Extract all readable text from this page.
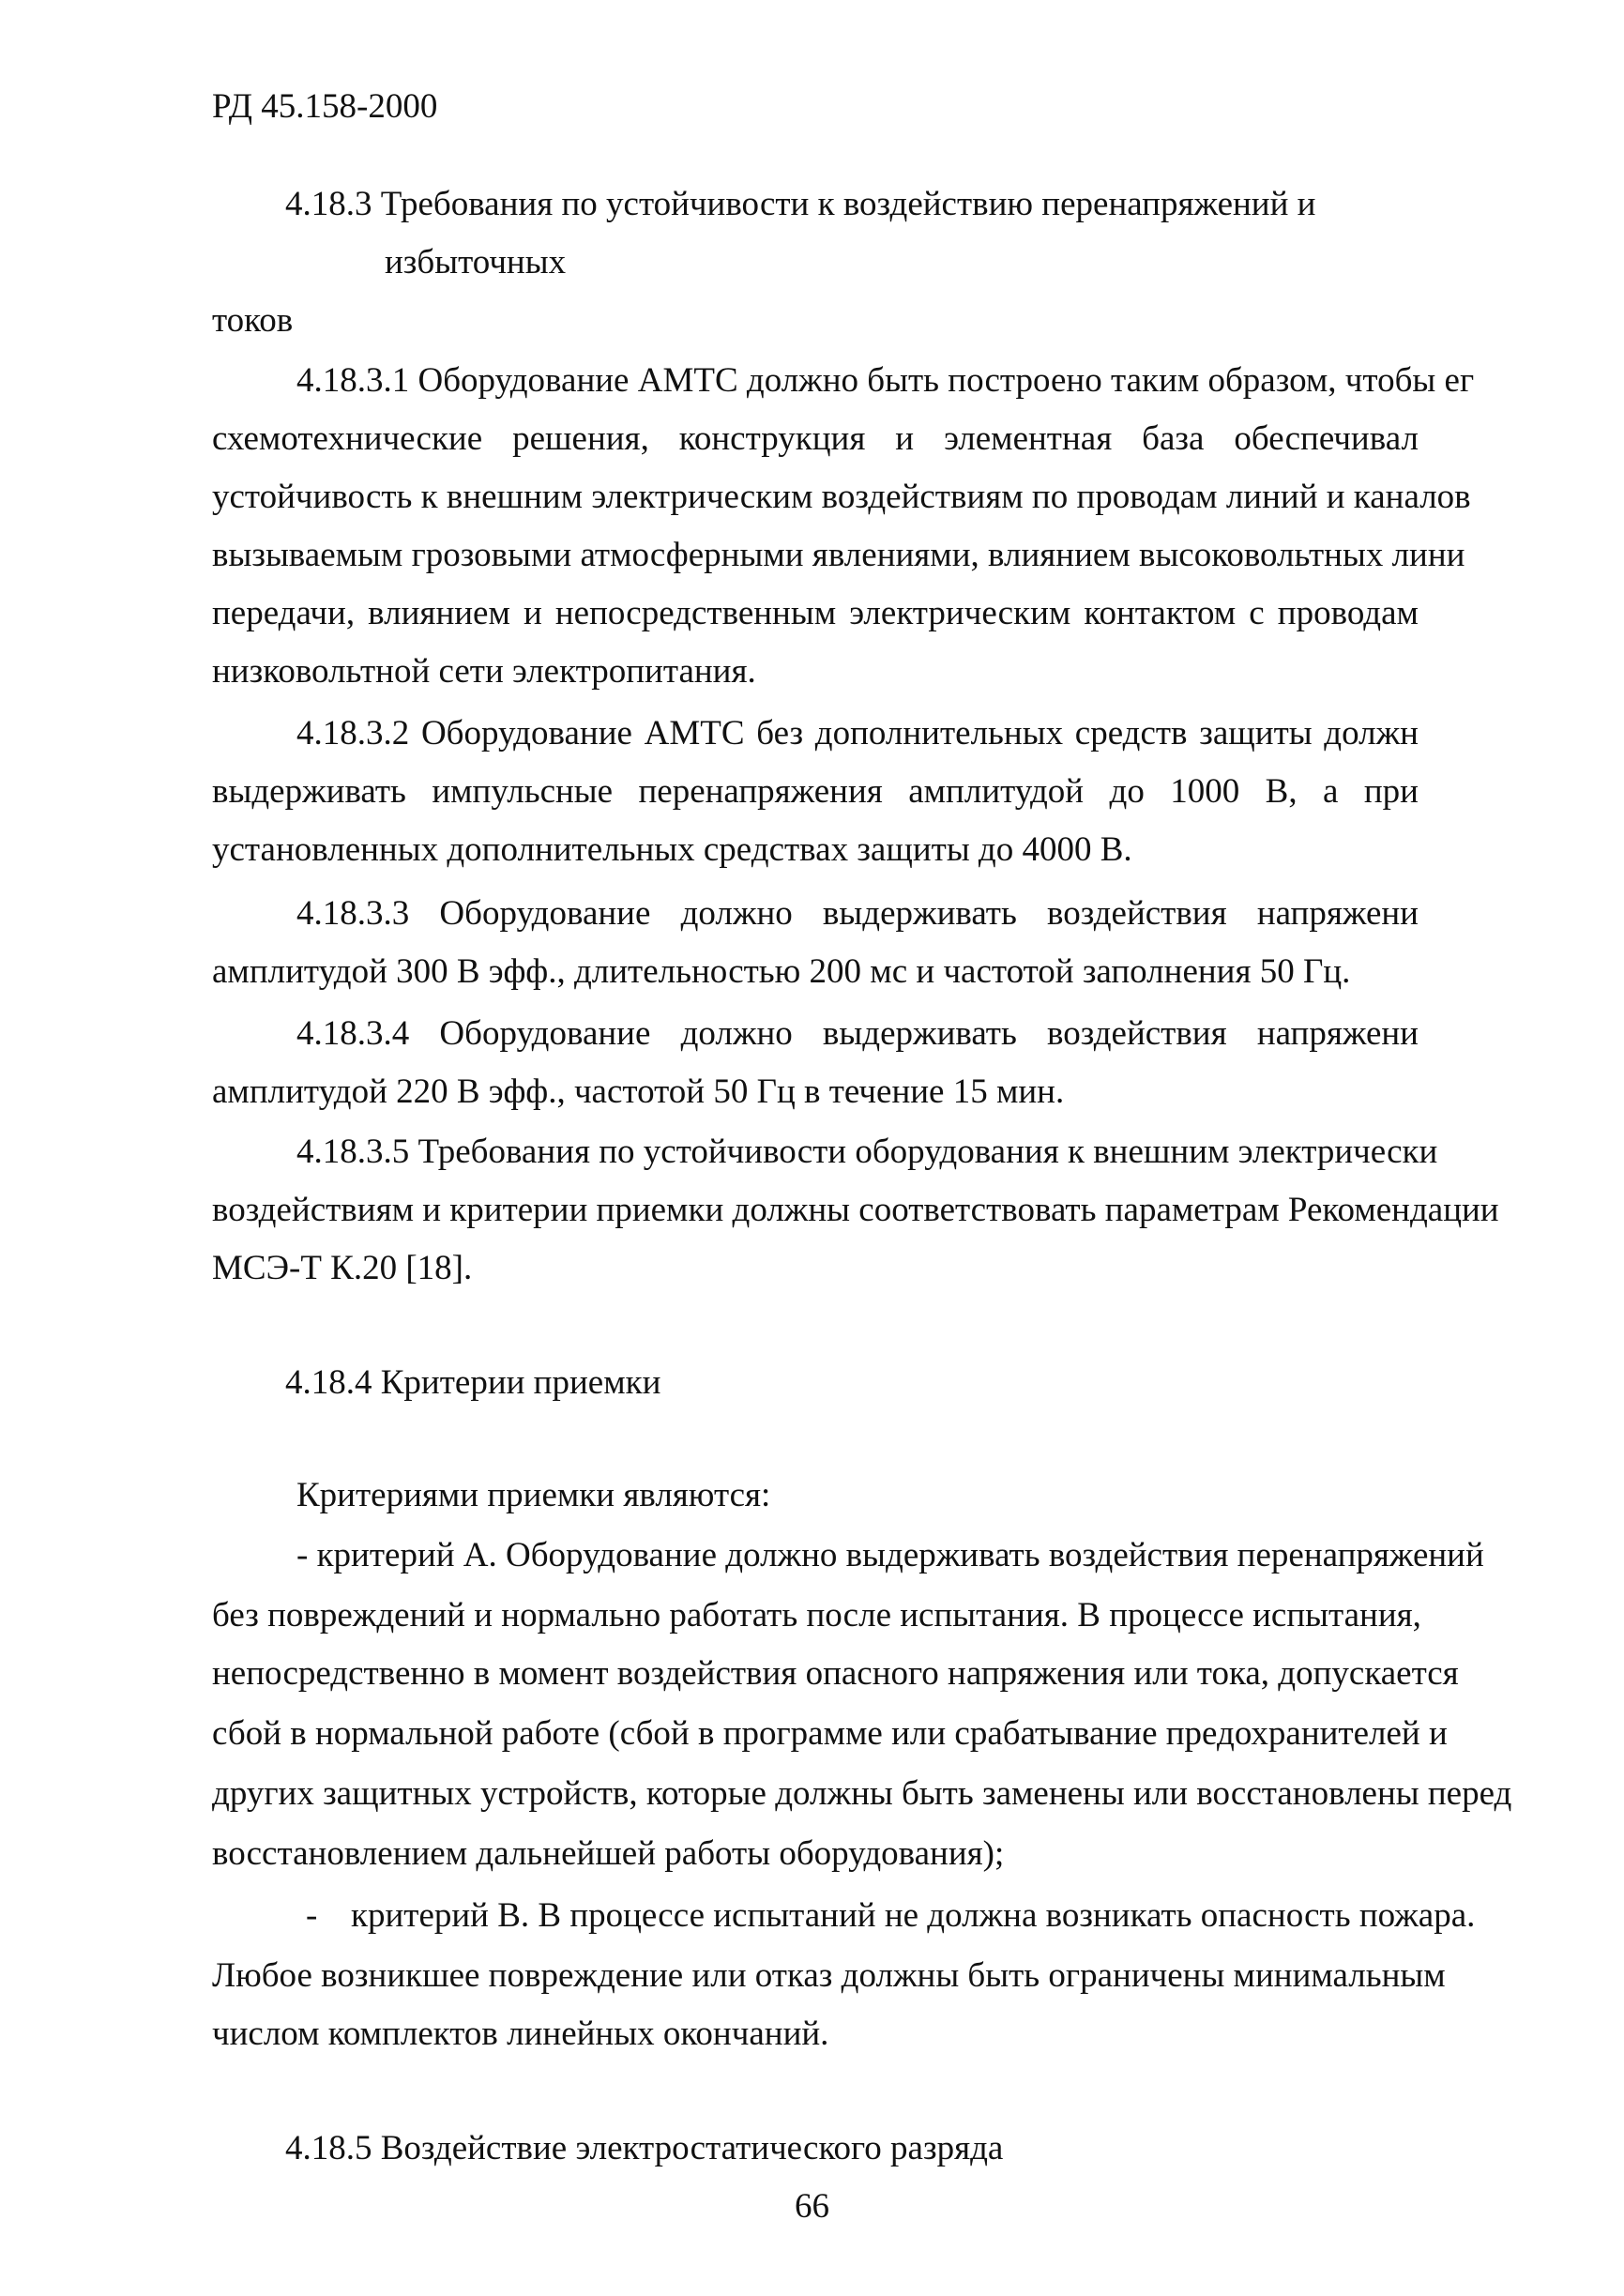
РД 45.158-2000
4.18.3 Требования по устойчивости к воздействию перенапряжений и
избыточных
токов
4.18.3.1 Оборудование АМТС должно быть построено таким образом, чтобы ег
схемотехнические решения, конструкция и элементная база обеспечивал
устойчивость к внешним электрическим воздействиям по проводам линий и каналов
вызываемым грозовыми атмосферными явлениями, влиянием высоковольтных лини
передачи, влиянием и непосредственным электрическим контактом с проводам
низковольтной сети электропитания.
4.18.3.2 Оборудование АМТС без дополнительных средств защиты должн
выдерживать импульсные перенапряжения амплитудой до 1000 В, а при
установленных дополнительных средствах защиты до 4000 В.
4.18.3.3 Оборудование должно выдерживать воздействия напряжени
амплитудой 300 В эфф., длительностью 200 мс и частотой заполнения 50 Гц.
4.18.3.4 Оборудование должно выдерживать воздействия напряжени
амплитудой 220 В эфф., частотой 50 Гц в течение 15 мин.
4.18.3.5 Требования по устойчивости оборудования к внешним электрически
воздействиям и критерии приемки должны соответствовать параметрам Рекомендации
МСЭ-Т К.20 [18].
4.18.4 Критерии приемки
Критериями приемки являются:
- критерий А. Оборудование должно выдерживать воздействия перенапряжений
без повреждений и нормально работать после испытания. В процессе испытания,
непосредственно в момент воздействия опасного напряжения или тока, допускается
сбой в нормальной работе (сбой в программе или срабатывание предохранителей и
других защитных устройств, которые должны быть заменены или восстановлены перед
восстановлением дальнейшей работы оборудования);
- критерий В. В процессе испытаний не должна возникать опасность пожара.
Любое возникшее повреждение или отказ должны быть ограничены минимальным
числом комплектов линейных окончаний.
4.18.5 Воздействие электростатического разряда
66
